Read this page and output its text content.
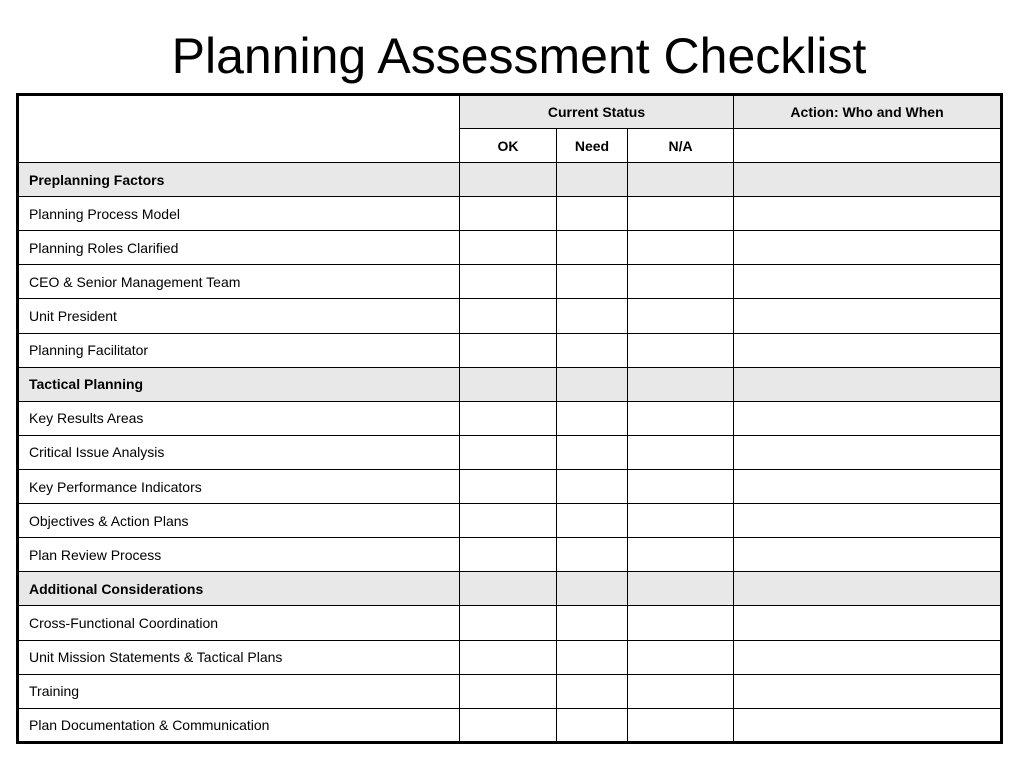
Planning Assessment Checklist
	Current Status			Action: Who and When
	OK	Need	N/A	
Preplanning Factors				
Planning Process Model				
Planning Roles Clarified				
CEO & Senior Management Team				
Unit President				
Planning Facilitator				
Tactical Planning				
Key Results Areas				
Critical Issue Analysis				
Key Performance Indicators				
Objectives & Action Plans				
Plan Review Process				
Additional Considerations				
Cross-Functional Coordination				
Unit Mission Statements & Tactical Plans				
Training				
Plan Documentation & Communication				
